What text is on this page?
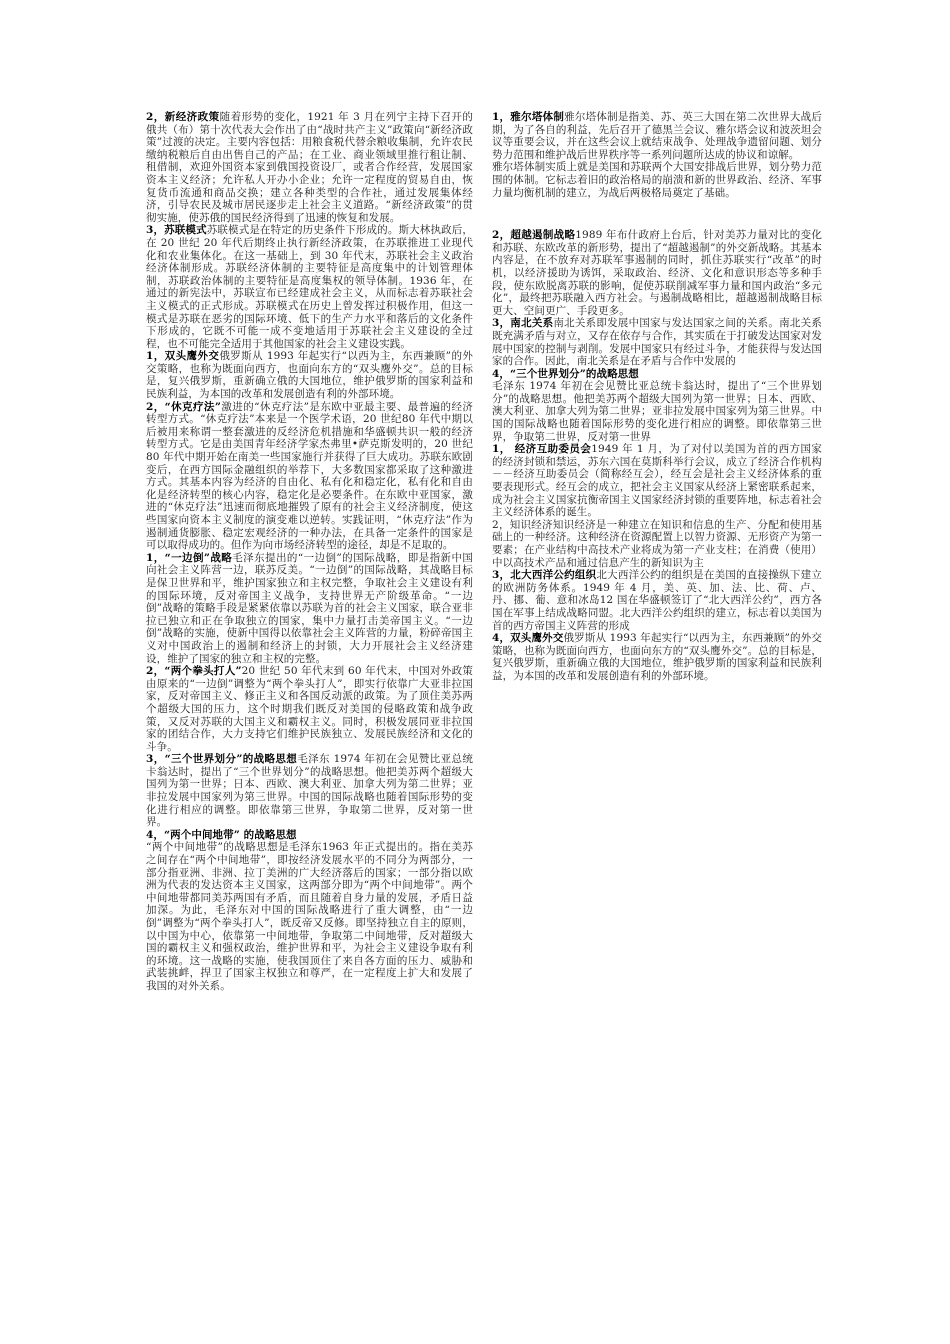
2，新经济政策随着形势的变化，1921 年 3 月在列宁主持下召开的俄共（布）第十次代表大会作出了由“战时共产主义”政策向“新经济政策”过渡的决定。主要内容包括：用粮食税代替余粮收集制，允许农民缴纳税粮后自由出售自己的产品；在工业、商业领域里推行租让制、租借制，欢迎外国资本家到俄国投资设厂，或者合作经营，发展国家资本主义经济；允许私人开办小企业；允许一定程度的贸易自由，恢复货币流通和商品交换；建立各种类型的合作社，通过发展集体经济，引导农民及城市居民逐步走上社会主义道路。“新经济政策”的贯彻实施，使苏俄的国民经济得到了迅速的恢复和发展。

3，苏联模式苏联模式是在特定的历史条件下形成的。斯大林执政后，在 20 世纪 20 年代后期终止执行新经济政策，在苏联推进工业现代化和农业集体化。在这一基础上，到 30 年代末，苏联社会主义政治经济体制形成。苏联经济体制的主要特征是高度集中的计划管理体制，苏联政治体制的主要特征是高度集权的领导体制。1936 年，在通过的新宪法中，苏联宣布已经建成社会主义，从而标志着苏联社会主义模式的正式形成。苏联模式在历史上曾发挥过积极作用，但这一模式是苏联在恶劣的国际环境、低下的生产力水平和落后的文化条件下形成的，它既不可能一成不变地适用于苏联社会主义建设的全过程，也不可能完全适用于其他国家的社会主义建设实践。

1，双头鹰外交俄罗斯从 1993 年起实行“以西为主，东西兼顾”的外交策略，也称为既面向西方，也面向东方的“双头鹰外交”。总的目标是，复兴俄罗斯，重新确立俄的大国地位，维护俄罗斯的国家利益和民族利益，为本国的改革和发展创造有利的外部环境。

2，“休克疗法”激进的“休克疗法”是东欧中亚最主要、最普遍的经济转型方式。“休克疗法”本来是一个医学术语，20 世纪80 年代中期以后被用来称谓一整套激进的反经济危机措施和华盛顿共识一般的经济转型方式。它是由美国青年经济学家杰弗里•萨克斯发明的，20 世纪 80 年代中期开始在南美一些国家施行并获得了巨大成功。苏联东欧剧变后，在西方国际金融组织的举荐下，大多数国家都采取了这种激进方式。其基本内容为经济的自由化、私有化和稳定化，私有化和自由化是经济转型的核心内容，稳定化是必要条件。在东欧中亚国家，激进的“休克疗法”迅速而彻底地摧毁了原有的社会主义经济制度，使这些国家向资本主义制度的演变难以逆转。实践证明，“休克疗法”作为遏制通货膨胀、稳定宏观经济的一种办法，在具备一定条件的国家是可以取得成功的。但作为向市场经济转型的途径，却是不足取的。

1，“一边倒”战略毛泽东提出的“一边倒”的国际战略，即是指新中国向社会主义阵营一边，联苏反美。“一边倒”的国际战略，其战略目标是保卫世界和平，维护国家独立和主权完整，争取社会主义建设有利的国际环境，反对帝国主义战争，支持世界无产阶级革命。“一边倒”战略的策略手段是紧紧依靠以苏联为首的社会主义国家，联合亚非拉已独立和正在争取独立的国家，集中力量打击美帝国主义。“一边倒”战略的实施，使新中国得以依靠社会主义阵营的力量，粉碎帝国主义对中国政治上的遏制和经济上的封锁，大力开展社会主义经济建设，维护了国家的独立和主权的完整。

2，“两个拳头打人”20 世纪 50 年代末到 60 年代末，中国对外政策由原来的“一边倒”调整为“两个拳头打人”，即实行依靠广大亚非拉国家，反对帝国主义、修正主义和各国反动派的政策。为了顶住美苏两个超级大国的压力，这个时期我们既反对美国的侵略政策和战争政策，又反对苏联的大国主义和霸权主义。同时，积极发展同亚非拉国家的团结合作，大力支持它们维护民族独立、发展民族经济和文化的斗争。

3，“三个世界划分”的战略思想毛泽东 1974 年初在会见赞比亚总统卡翁达时，提出了“三个世界划分”的战略思想。他把美苏两个超级大国列为第一世界；日本、西欧、澳大利亚、加拿大列为第二世界；亚非拉发展中国家列为第三世界。中国的国际战略也随着国际形势的变化进行相应的调整。即依靠第三世界，争取第二世界，反对第一世界。

4，“两个中间地带” 的战略思想

“两个中间地带”的战略思想是毛泽东1963 年正式提出的。指在美苏之间存在“两个中间地带”，即按经济发展水平的不同分为两部分，一部分指亚洲、非洲、拉丁美洲的广大经济落后的国家；一部分指以欧洲为代表的发达资本主义国家，这两部分即为“两个中间地带”。两个中间地带都同美苏两国有矛盾，而且随着自身力量的发展，矛盾日益加深。为此，毛泽东对中国的国际战略进行了重大调整，由“一边倒”调整为“两个拳头打人”，既反帝又反修。即坚持独立自主的原则，以中国为中心，依靠第一中间地带，争取第二中间地带，反对超级大国的霸权主义和强权政治，维护世界和平，为社会主义建设争取有利的环境。这一战略的实施，使我国顶住了来自各方面的压力、威胁和武装挑衅，捍卫了国家主权独立和尊严，在一定程度上扩大和发展了我国的对外关系。

1，雅尔塔体制雅尔塔体制是指美、苏、英三大国在第二次世界大战后期，为了各自的利益，先后召开了德黑兰会议、雅尔塔会议和波茨坦会议等重要会议，并在这些会议上就结束战争、处理战争遗留问题、划分势力范围和维护战后世界秩序等一系列问题所达成的协议和谅解。

雅尔塔体制实质上就是美国和苏联两个大国安排战后世界，划分势力范围的体制。它标志着旧的政治格局的崩溃和新的世界政治、经济、军事力量均衡机制的建立，为战后两极格局奠定了基础。

2，超越遏制战略1989 年布什政府上台后，针对美苏力量对比的变化和苏联、东欧改革的新形势，提出了“超越遏制”的外交新战略。其基本内容是，在不放弃对苏联军事遏制的同时，抓住苏联实行“改革”的时机，以经济援助为诱饵，采取政治、经济、文化和意识形态等多种手段，使东欧脱离苏联的影响，促使苏联削减军事力量和国内政治“多元化”，最终把苏联融入西方社会。与遏制战略相比，超越遏制战略目标更大、空间更广、手段更多。

3，南北关系南北关系即发展中国家与发达国家之间的关系。南北关系既充满矛盾与对立，又存在依存与合作，其实质在于打破发达国家对发展中国家的控制与剥削。发展中国家只有经过斗争，才能获得与发达国家的合作。因此，南北关系是在矛盾与合作中发展的

4，“三个世界划分”的战略思想

毛泽东 1974 年初在会见赞比亚总统卡翁达时，提出了“三个世界划分”的战略思想。他把美苏两个超级大国列为第一世界；日本、西欧、澳大利亚、加拿大列为第二世界；亚非拉发展中国家列为第三世界。中国的国际战略也随着国际形势的变化进行相应的调整。即依靠第三世界，争取第二世界，反对第一世界

1， 经济互助委员会1949 年 1 月，为了对付以美国为首的西方国家的经济封锁和禁运，苏东六国在莫斯科举行会议，成立了经济合作机构－－经济互助委员会（简称经互会），经互会是社会主义经济体系的重要表现形式。经互会的成立，把社会主义国家从经济上紧密联系起来，成为社会主义国家抗衡帝国主义国家经济封锁的重要阵地，标志着社会主义经济体系的诞生。

2，知识经济知识经济是一种建立在知识和信息的生产、分配和使用基础上的一种经济。这种经济在资源配置上以智力资源、无形资产为第一要素；在产业结构中高技术产业将成为第一产业支柱；在消费（使用）中以高技术产品和通过信息产生的新知识为主

3，北大西洋公约组织北大西洋公约的组织是在美国的直接操纵下建立的欧洲防务体系。1949 年 4 月，美、英、加、法、比、荷、卢、丹、挪、葡、意和冰岛12 国在华盛顿签订了“北大西洋公约”，西方各国在军事上结成战略同盟。北大西洋公约组织的建立，标志着以美国为首的西方帝国主义阵营的形成

4，双头鹰外交俄罗斯从 1993 年起实行“以西为主，东西兼顾”的外交策略，也称为既面向西方，也面向东方的“双头鹰外交”。总的目标是，复兴俄罗斯，重新确立俄的大国地位，维护俄罗斯的国家利益和民族利益，为本国的改革和发展创造有利的外部环境。
